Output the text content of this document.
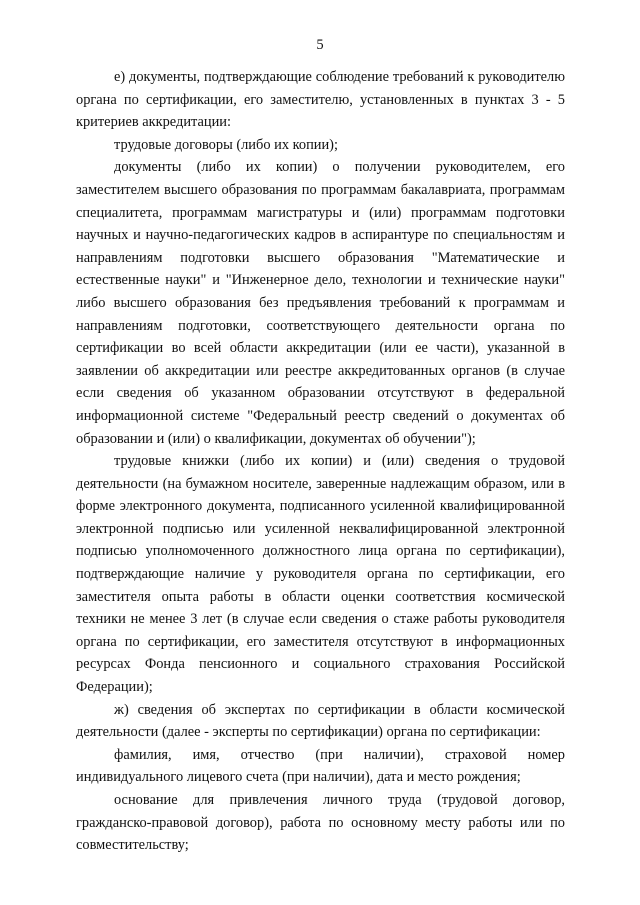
5

е) документы, подтверждающие соблюдение требований к руководителю органа по сертификации, его заместителю, установленных в пунктах 3 - 5 критериев аккредитации:

трудовые договоры (либо их копии);

документы (либо их копии) о получении руководителем, его заместителем высшего образования по программам бакалавриата, программам специалитета, программам магистратуры и (или) программам подготовки научных и научно-педагогических кадров в аспирантуре по специальностям и направлениям подготовки высшего образования "Математические и естественные науки" и "Инженерное дело, технологии и технические науки" либо высшего образования без предъявления требований к программам и направлениям подготовки, соответствующего деятельности органа по сертификации во всей области аккредитации (или ее части), указанной в заявлении об аккредитации или реестре аккредитованных органов (в случае если сведения об указанном образовании отсутствуют в федеральной информационной системе "Федеральный реестр сведений о документах об образовании и (или) о квалификации, документах об обучении");

трудовые книжки (либо их копии) и (или) сведения о трудовой деятельности (на бумажном носителе, заверенные надлежащим образом, или в форме электронного документа, подписанного усиленной квалифицированной электронной подписью или усиленной неквалифицированной электронной подписью уполномоченного должностного лица органа по сертификации), подтверждающие наличие у руководителя органа по сертификации, его заместителя опыта работы в области оценки соответствия космической техники не менее 3 лет (в случае если сведения о стаже работы руководителя органа по сертификации, его заместителя отсутствуют в информационных ресурсах Фонда пенсионного и социального страхования Российской Федерации);

ж) сведения об экспертах по сертификации в области космической деятельности (далее - эксперты по сертификации) органа по сертификации:

фамилия, имя, отчество (при наличии), страховой номер индивидуального лицевого счета (при наличии), дата и место рождения;

основание для привлечения личного труда (трудовой договор, гражданско-правовой договор), работа по основному месту работы или по совместительству;
